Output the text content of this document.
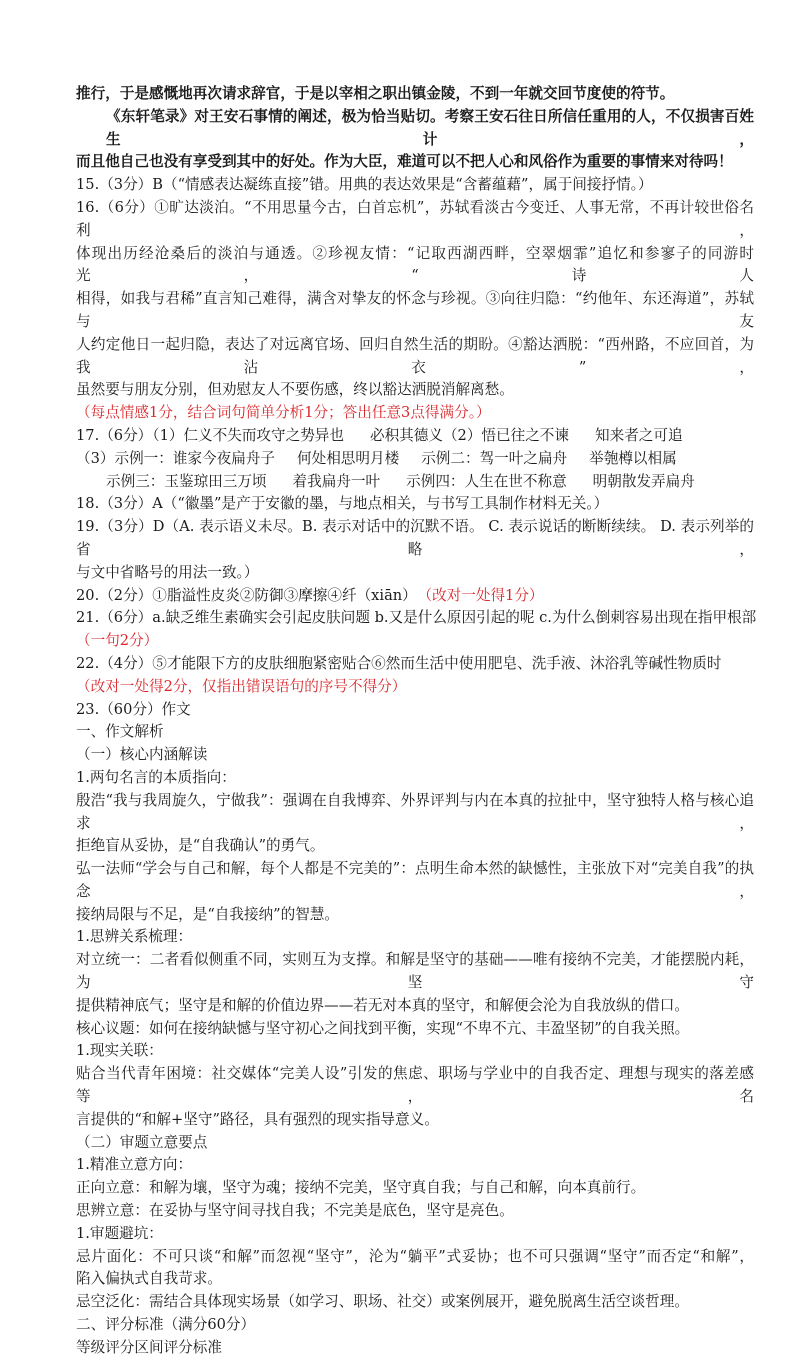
推行，于是感慨地再次请求辞官，于是以宰相之职出镇金陵，不到一年就交回节度使的符节。
《东轩笔录》对王安石事情的阐述，极为恰当贴切。考察王安石往日所信任重用的人，不仅损害百姓生计，
而且他自己也没有享受到其中的好处。作为大臣，难道可以不把人心和风俗作为重要的事情来对待吗！
15.（3分）B（“情感表达凝练直接”错。用典的表达效果是“含蓄蕴藉”，属于间接抒情。）
16.（6分）①旷达淡泊。“不用思量今古，白首忘机”，苏轼看淡古今变迁、人事无常，不再计较世俗名利，
体现出历经沧桑后的淡泊与通透。②珍视友情：“记取西湖西畔，空翠烟霏”追忆和参寥子的同游时光，“诗人
相得，如我与君稀”直言知己难得，满含对挚友的怀念与珍视。③向往归隐：“约他年、东还海道”，苏轼与友
人约定他日一起归隐，表达了对远离官场、回归自然生活的期盼。④豁达洒脱：“西州路，不应回首，为我沾衣”，
虽然要与朋友分别，但劝慰友人不要伤感，终以豁达洒脱消解离愁。
（每点情感1分，结合词句简单分析1分；答出任意3点得满分。）
17.（6分）（1）仁义不失而攻守之势异也 必积其德义（2）悟已往之不谏 知来者之可追
（3）示例一：谁家今夜扁舟子 何处相思明月楼 示例二：驾一叶之扁舟 举匏樽以相属
示例三：玉鉴琼田三万顷 着我扁舟一叶 示例四：人生在世不称意 明朝散发弄扁舟
18.（3分）A（“徽墨”是产于安徽的墨，与地点相关，与书写工具制作材料无关。）
19.（3分）D（A. 表示语义未尽。B. 表示对话中的沉默不语。 C. 表示说话的断断续续。 D. 表示列举的省略，
与文中省略号的用法一致。）
20.（2分）①脂溢性皮炎②防御③摩擦④纤（xiān） （改对一处得1分）
21.（6分）a.缺乏维生素确实会引起皮肤问题 b.又是什么原因引起的呢 c.为什么倒刺容易出现在指甲根部
（一句2分）
22.（4分）⑤才能限下方的皮肤细胞紧密贴合⑥然而生活中使用肥皂、洗手液、沐浴乳等碱性物质时
（改对一处得2分，仅指出错误语句的序号不得分）
23.（60分）作文
一、作文解析
（一）核心内涵解读
1.两句名言的本质指向：
殷浩“我与我周旋久，宁做我”：强调在自我博弈、外界评判与内在本真的拉扯中，坚守独特人格与核心追求，
拒绝盲从妥协，是“自我确认”的勇气。
弘一法师“学会与自己和解，每个人都是不完美的”：点明生命本然的缺憾性，主张放下对“完美自我”的执念，
接纳局限与不足，是“自我接纳”的智慧。
1.思辨关系梳理：
对立统一：二者看似侧重不同，实则互为支撑。和解是坚守的基础——唯有接纳不完美，才能摆脱内耗，为坚守
提供精神底气；坚守是和解的价值边界——若无对本真的坚守，和解便会沦为自我放纵的借口。
核心议题：如何在接纳缺憾与坚守初心之间找到平衡，实现“不卑不亢、丰盈坚韧”的自我关照。
1.现实关联：
贴合当代青年困境：社交媒体“完美人设”引发的焦虑、职场与学业中的自我否定、理想与现实的落差感等，名
言提供的“和解+坚守”路径，具有强烈的现实指导意义。
（二）审题立意要点
1.精准立意方向：
正向立意：和解为壤，坚守为魂；接纳不完美，坚守真自我；与自己和解，向本真前行。
思辨立意：在妥协与坚守间寻找自我；不完美是底色，坚守是亮色。
1.审题避坑：
忌片面化：不可只谈“和解”而忽视“坚守”，沦为“躺平”式妥协；也不可只强调“坚守”而否定“和解”，
陷入偏执式自我苛求。
忌空泛化：需结合具体现实场景（如学习、职场、社交）或案例展开，避免脱离生活空谈哲理。
二、评分标准（满分60分）
等级评分区间评分标准
